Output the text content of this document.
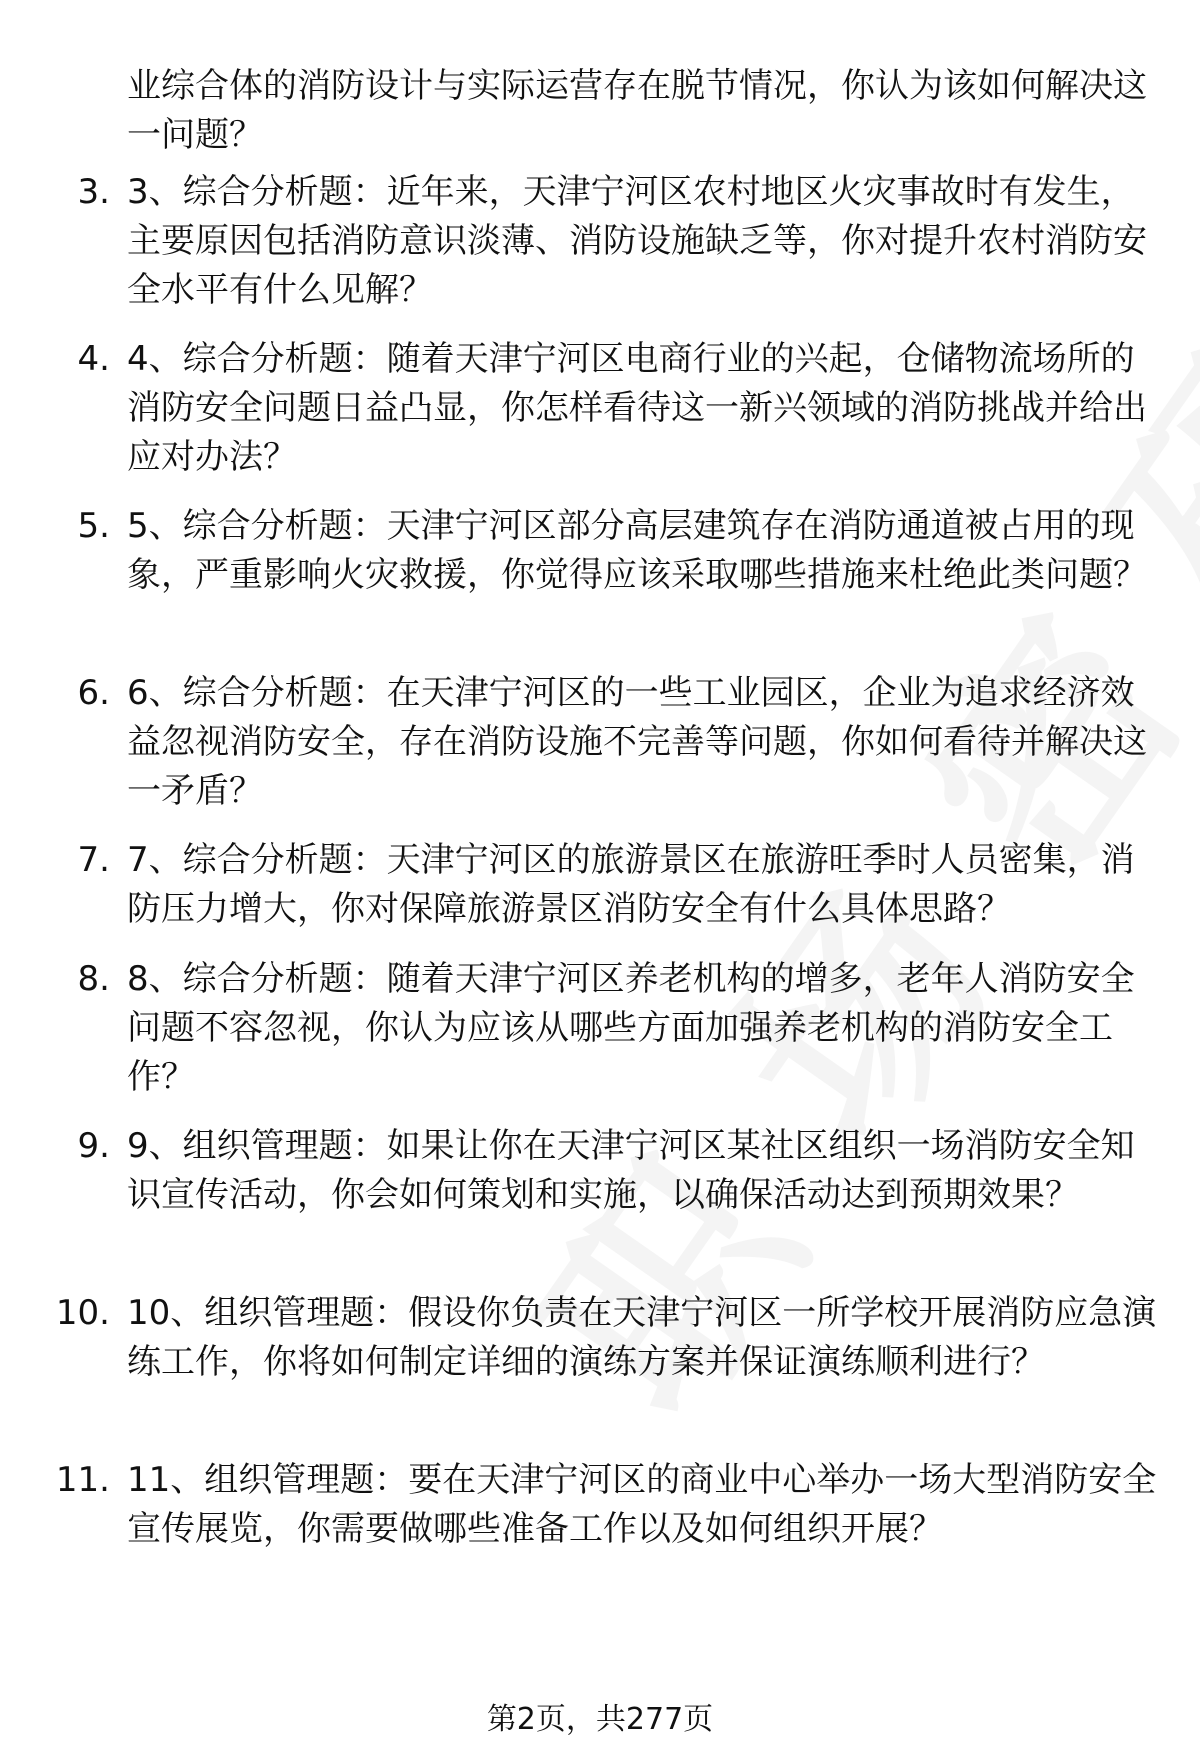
业综合体的消防设计与实际运营存在脱节情况，你认为该如何解决这一问题？
3. 3、综合分析题：近年来，天津宁河区农村地区火灾事故时有发生，主要原因包括消防意识淡薄、消防设施缺乏等，你对提升农村消防安全水平有什么见解？
4. 4、综合分析题：随着天津宁河区电商行业的兴起，仓储物流场所的消防安全问题日益凸显，你怎样看待这一新兴领域的消防挑战并给出应对办法？
5. 5、综合分析题：天津宁河区部分高层建筑存在消防通道被占用的现象，严重影响火灾救援，你觉得应该采取哪些措施来杜绝此类问题？
6. 6、综合分析题：在天津宁河区的一些工业园区，企业为追求经济效益忽视消防安全，存在消防设施不完善等问题，你如何看待并解决这一矛盾？
7. 7、综合分析题：天津宁河区的旅游景区在旅游旺季时人员密集，消防压力增大，你对保障旅游景区消防安全有什么具体思路？
8. 8、综合分析题：随着天津宁河区养老机构的增多，老年人消防安全问题不容忽视，你认为应该从哪些方面加强养老机构的消防安全工作？
9. 9、组织管理题：如果让你在天津宁河区某社区组织一场消防安全知识宣传活动，你会如何策划和实施，以确保活动达到预期效果？
10. 10、组织管理题：假设你负责在天津宁河区一所学校开展消防应急演练工作，你将如何制定详细的演练方案并保证演练顺利进行？
11. 11、组织管理题：要在天津宁河区的商业中心举办一场大型消防安全宣传展览，你需要做哪些准备工作以及如何组织开展？
第2页，共277页
